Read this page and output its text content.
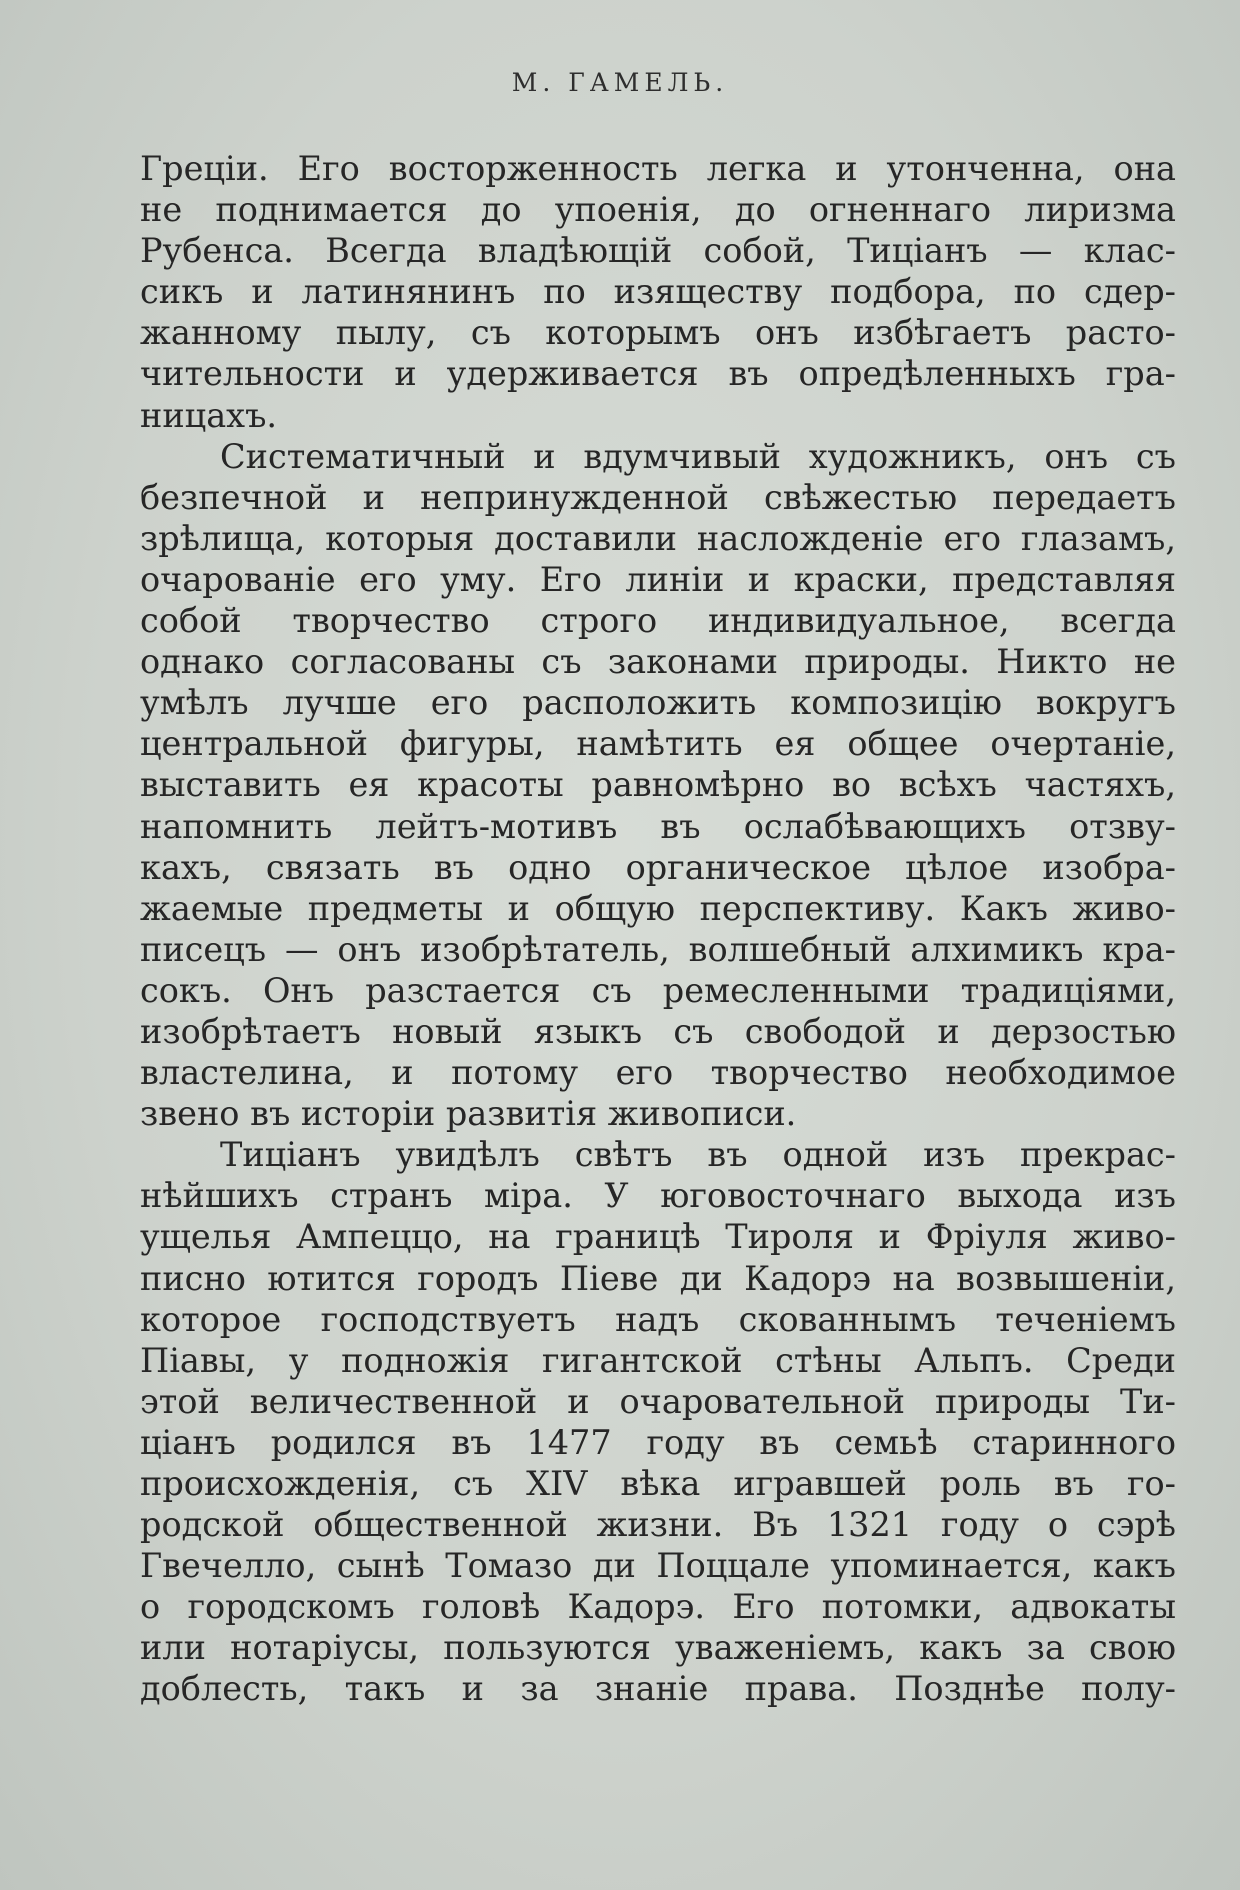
М. ГАМЕЛЬ.
Греціи. Его восторженность легка и утонченна, она
не поднимается до упоенія, до огненнаго лиризма
Рубенса. Всегда владѣющій собой, Тиціанъ — клас-
сикъ и латинянинъ по изяществу подбора, по сдер-
жанному пылу, съ которымъ онъ избѣгаетъ расто-
чительности и удерживается въ опредѣленныхъ гра-
ницахъ.
Систематичный и вдумчивый художникъ, онъ съ
безпечной и непринужденной свѣжестью передаетъ
зрѣлища, которыя доставили насложденіе его глазамъ,
очарованіе его уму. Его линіи и краски, представляя
собой творчество строго индивидуальное, всегда
однако согласованы съ законами природы. Никто не
умѣлъ лучше его расположить композицію вокругъ
центральной фигуры, намѣтить ея общее очертаніе,
выставить ея красоты равномѣрно во всѣхъ частяхъ,
напомнить лейтъ-мотивъ въ ослабѣвающихъ отзву-
кахъ, связать въ одно органическое цѣлое изобра-
жаемые предметы и общую перспективу. Какъ живо-
писецъ — онъ изобрѣтатель, волшебный алхимикъ кра-
сокъ. Онъ разстается съ ремесленными традиціями,
изобрѣтаетъ новый языкъ съ свободой и дерзостью
властелина, и потому его творчество необходимое
звено въ исторіи развитія живописи.
Тиціанъ увидѣлъ свѣтъ въ одной изъ прекрас-
нѣйшихъ странъ міра. У юговосточнаго выхода изъ
ущелья Ампеццо, на границѣ Тироля и Фріуля живо-
писно ютится городъ Піеве ди Кадорэ на возвышеніи,
которое господствуетъ надъ скованнымъ теченіемъ
Піавы, у подножія гигантской стѣны Альпъ. Среди
этой величественной и очаровательной природы Ти-
ціанъ родился въ 1477 году въ семьѣ старинного
происхожденія, съ XIV вѣка игравшей роль въ го-
родской общественной жизни. Въ 1321 году о сэрѣ
Гвечелло, сынѣ Томазо ди Поццале упоминается, какъ
о городскомъ головѣ Кадорэ. Его потомки, адвокаты
или нотаріусы, пользуются уваженіемъ, какъ за свою
доблесть, такъ и за знаніе права. Позднѣе полу-
